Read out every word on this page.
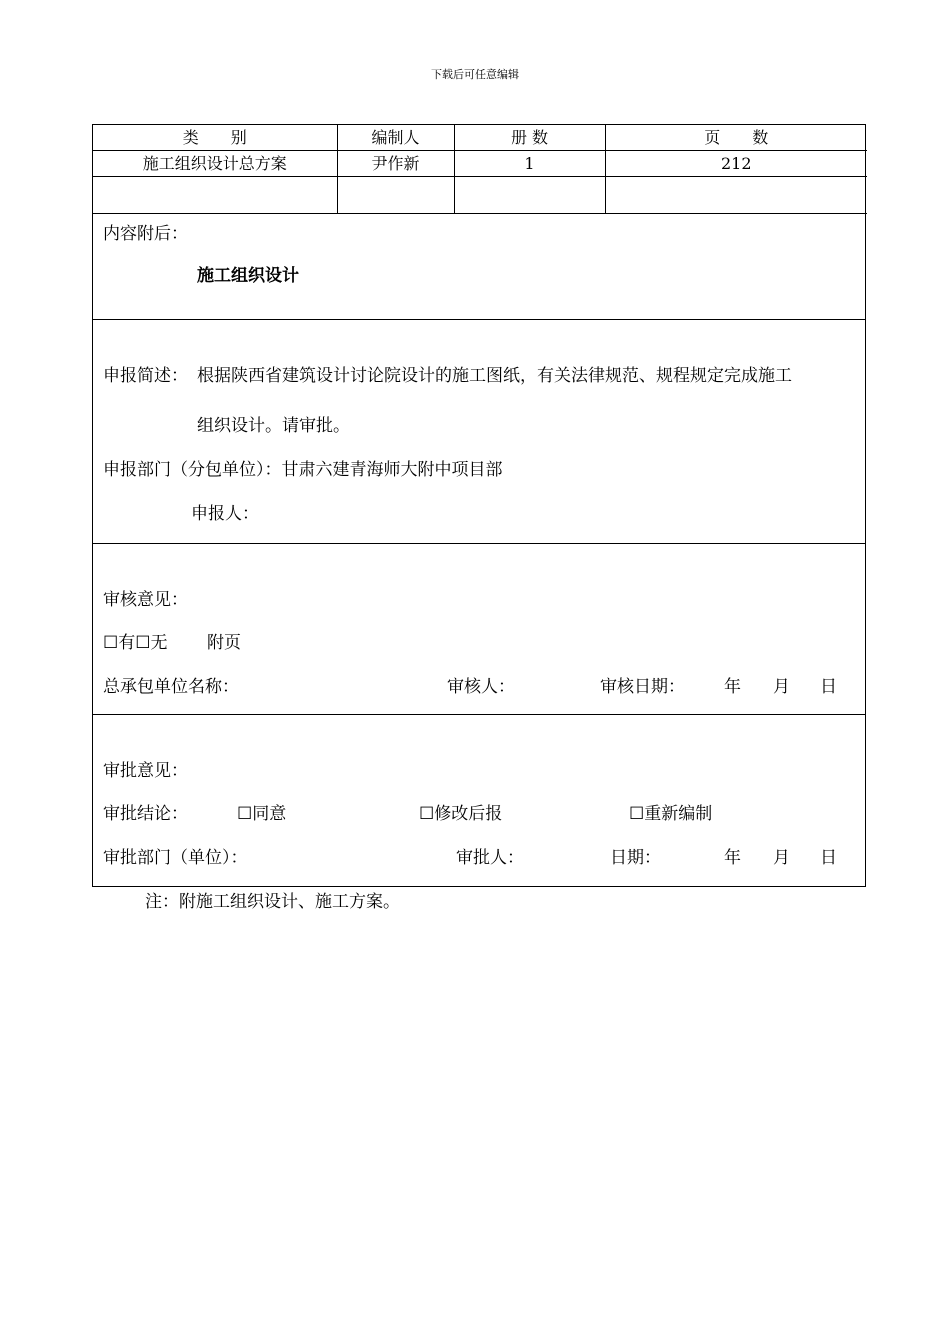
下载后可任意编辑
类　　别	编制人	册 数	页　　数
施工组织设计总方案	尹作新	1	212

内容附后：
施工组织设计
申报简述： 根据陕西省建筑设计讨论院设计的施工图纸，有关法律规范、规程规定完成施工
组织设计。请审批。
申报部门（分包单位）：甘肃六建青海师大附中项目部
申报人：
审核意见：
☐有☐无 附页
总承包单位名称：	审核人：	审核日期： 年 月 日
审批意见：
审批结论：	☐同意	☐修改后报	☐重新编制
审批部门（单位）：	审批人：	日期：	年 月 日
注：附施工组织设计、施工方案。
